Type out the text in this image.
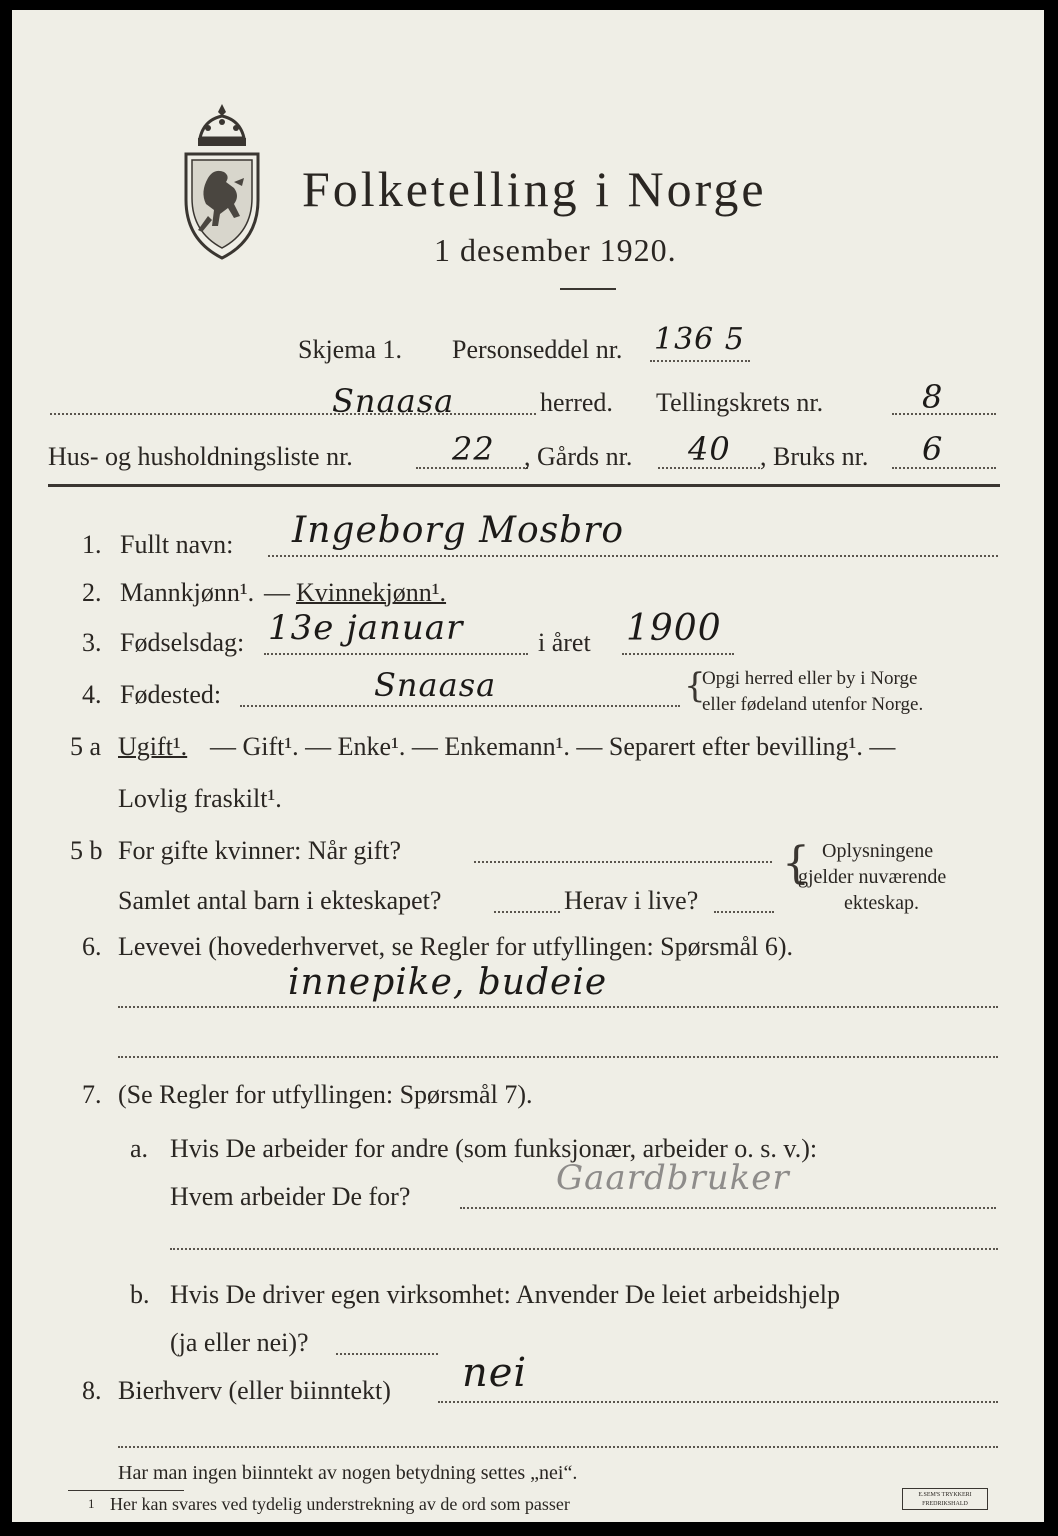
Folketelling i Norge
1 desember 1920.
Skjema 1. Personseddel nr. 136 5
Snaasa	herred. Tellingskrets nr.	8
Hus- og husholdningsliste nr.	22 , Gårds nr. 40 , Bruks nr. 6
1. Fullt navn: Ingeborg Mosbro
2. Mannkjønn¹. — Kvinnekjønn¹.
3. Fødselsdag: 13e januar	i året 1900
4. Fødested:	Snaasa	{
Opgi herred eller by i Norge
eller fødeland utenfor Norge.
5 a Ugift¹. — Gift¹. — Enke¹. — Enkemann¹. — Separert efter bevilling¹. —
Lovlig fraskilt¹.
5 b For gifte kvinner: Når gift?
Samlet antal barn i ekteskapet?	Herav i live?
{ Oplysningene
gjelder nuværende
ekteskap.
6. Levevei (hovederhvervet, se Regler for utfyllingen: Spørsmål 6).
innepike, budeie
7. (Se Regler for utfyllingen: Spørsmål 7).
a. Hvis De arbeider for andre (som funksjonær, arbeider o. s. v.):
Hvem arbeider De for?	Gaardbruker
b. Hvis De driver egen virksomhet: Anvender De leiet arbeidshjelp
(ja eller nei)?
8. Bierhverv (eller biinntekt) nei
Har man ingen biinntekt av nogen betydning settes „nei“.
1 Her kan svares ved tydelig understrekning av de ord som passer	E.SEM'S TRYKKERI
FREDRIKSHALD
